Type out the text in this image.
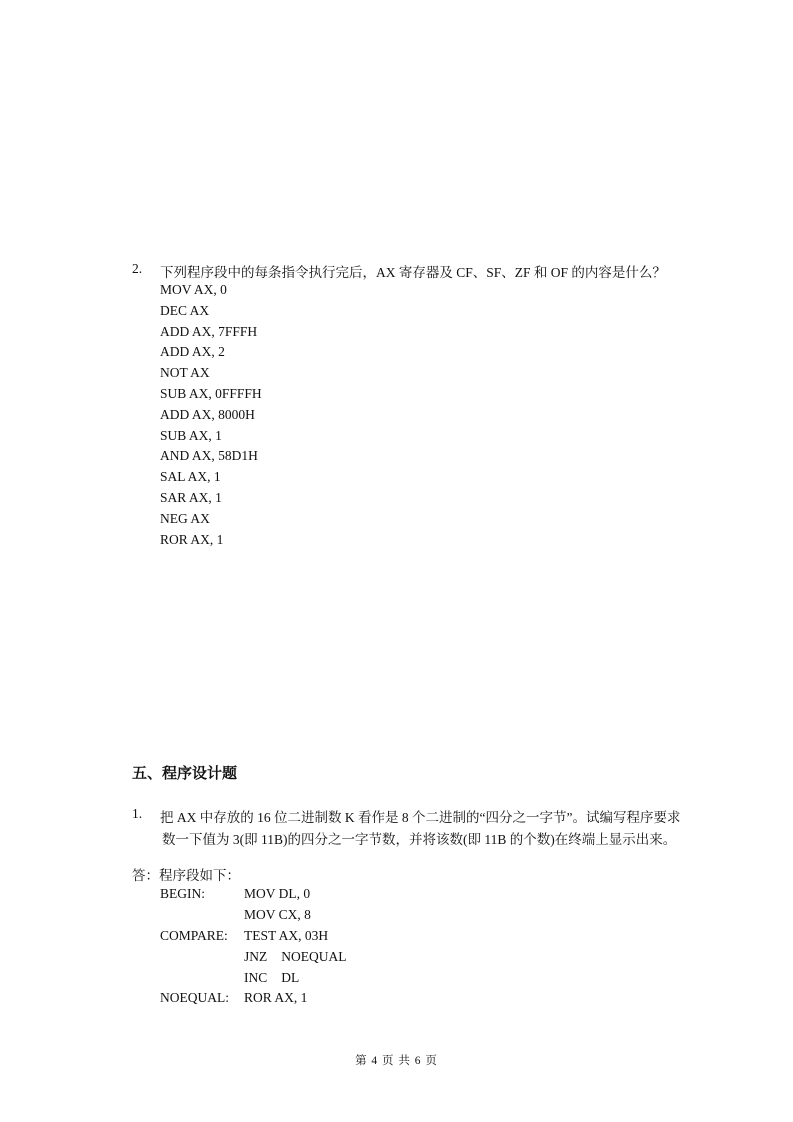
2. 下列程序段中的每条指令执行完后，AX 寄存器及 CF、SF、ZF 和 OF 的内容是什么？
MOV AX, 0
DEC AX
ADD AX, 7FFFH
ADD AX, 2
NOT AX
SUB AX, 0FFFFH
ADD AX, 8000H
SUB AX, 1
AND AX, 58D1H
SAL AX, 1
SAR AX, 1
NEG AX
ROR AX, 1
五、程序设计题
1. 把 AX 中存放的 16 位二进制数 K 看作是 8 个二进制的“四分之一字节”。试编写程序要求
数一下值为 3(即 11B)的四分之一字节数，并将该数(即 11B 的个数)在终端上显示出来。
答：程序段如下：
BEGIN:	MOV DL, 0
	MOV CX, 8
COMPARE:	TEST AX, 03H
	JNZ NOEQUAL
	INC DL
NOEQUAL:	ROR AX, 1
第 4 页 共 6 页
